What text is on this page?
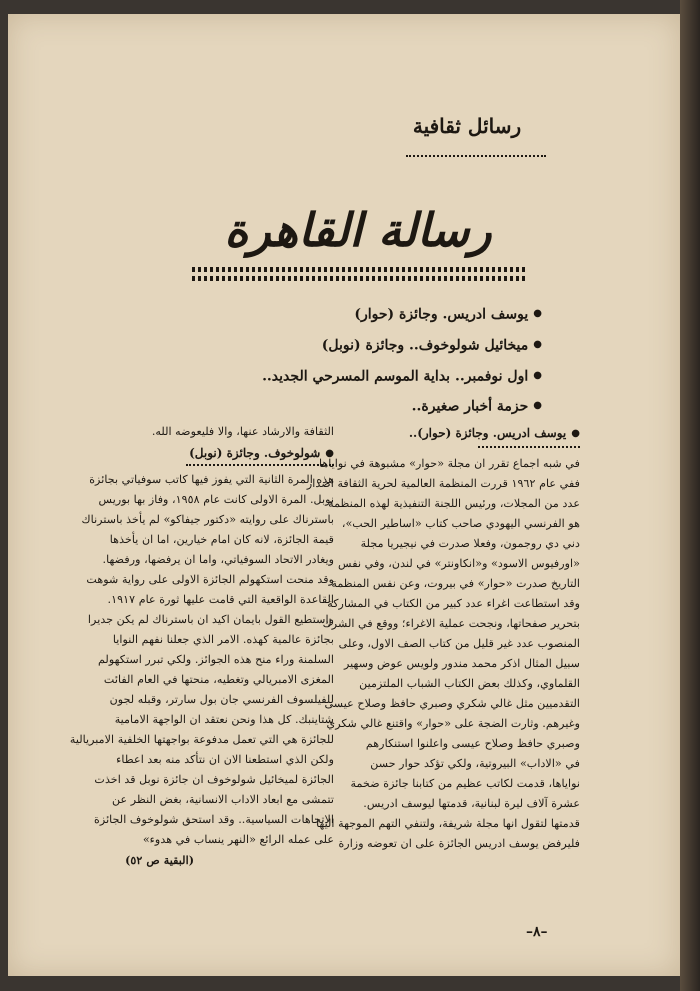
رسائل ثقافية
رسالة القاهرة
●يوسف ادريس. وجائزة (حوار)
●ميخائيل شولوخوف.. وجائزة (نوبل)
●اول نوفمبر.. بداية الموسم المسرحي الجديد..
●حزمة أخبار صغيرة..
●يوسف ادريس. وجائزة (حوار)..
في شبه اجماع تقرر ان مجلة «حوار» مشبوهة في نواياها
ففي عام ١٩٦٢ قررت المنظمة العالمية لحرية الثقافة اصدار
عدد من المجلات، ورئيس اللجنة التنفيذية لهذه المنظمة
هو الفرنسي اليهودي صاحب كتاب «اساطير الحب»،
دني دي روجمون، وفعلا صدرت في نيجيريا مجلة
«اورفيوس الاسود» و«انكاونتر» في لندن، وفي نفس
التاريخ صدرت «حوار» في بيروت، وعن نفس المنظمة
وقد استطاعت اغراء عدد كبير من الكتاب في المشاركة
بتحرير صفحاتها، ونجحت عملية الاغراء؛ ووقع في الشرك
المنصوب عدد غير قليل من كتاب الصف الاول، وعلى
سبيل المثال اذكر محمد مندور ولويس عوض وسهير
القلماوي، وكذلك بعض الكتاب الشباب الملتزمين
التقدميين مثل غالي شكري وصبري حافظ وصلاح عيسى
وغيرهم. وثارت الضجة على «حوار» واقتنع غالي شكري
وصبري حافظ وصلاح عيسى واعلنوا استنكارهم
في «الاداب» البيروتية، ولكي تؤكد حوار حسن
نواياها، قدمت لكاتب عظيم من كتابنا جائزة ضخمة
عشرة آلاف ليرة لبنانية، قدمتها ليوسف ادريس.
قدمتها لتقول انها مجلة شريفة، ولتنفي التهم الموجهة اليها
فليرفض يوسف ادريس الجائزة على ان تعوضه وزارة
الثقافة والارشاد عنها، والا فليعوضه الله.
●شولوخوف. وجائزة (نوبل)
هذه المرة الثانية التي يفوز فيها كاتب سوفياتي بجائزة
نوبل. المرة الاولى كانت عام ١٩٥٨، وفاز بها بوريس
باسترناك على روايته «دكتور جيفاكو» لم يأخذ باسترناك
قيمة الجائزة، لانه كان امام خيارين، اما ان يأخذها
ويغادر الاتحاد السوفياتي، واما ان يرفضها، ورفضها.
وقد منحت استكهولم الجائزة الاولى على رواية شوهت
القاعدة الواقعية التي قامت عليها ثورة عام ١٩١٧.
واستطيع القول بايمان اكيد ان باسترناك لم يكن جديرا
بجائزة عالمية كهذه. الامر الذي جعلنا نفهم النوايا
السلمنة وراء منح هذه الجوائز. ولكي تبرر استكهولم
المغزى الامبريالي وتغطيه، منحتها في العام الفائت
للفيلسوف الفرنسي جان بول سارتر، وقبله لجون
شتاينبك. كل هذا ونحن نعتقد ان الواجهة الامامية
للجائزة هي التي تعمل مدفوعة بواجهتها الخلفية الامبريالية
ولكن الذي استطعنا الان ان نتأكد منه بعد اعطاء
الجائزة لميخائيل شولوخوف ان جائزة نوبل قد اخذت
تتمشى مع ابعاد الاداب الانسانية، بغض النظر عن
الاتجاهات السياسية.. وقد استحق شولوخوف الجائزة
على عمله الرائع «النهر ينساب في هدوء»
(البقية ص ٥٢)
–٨–
